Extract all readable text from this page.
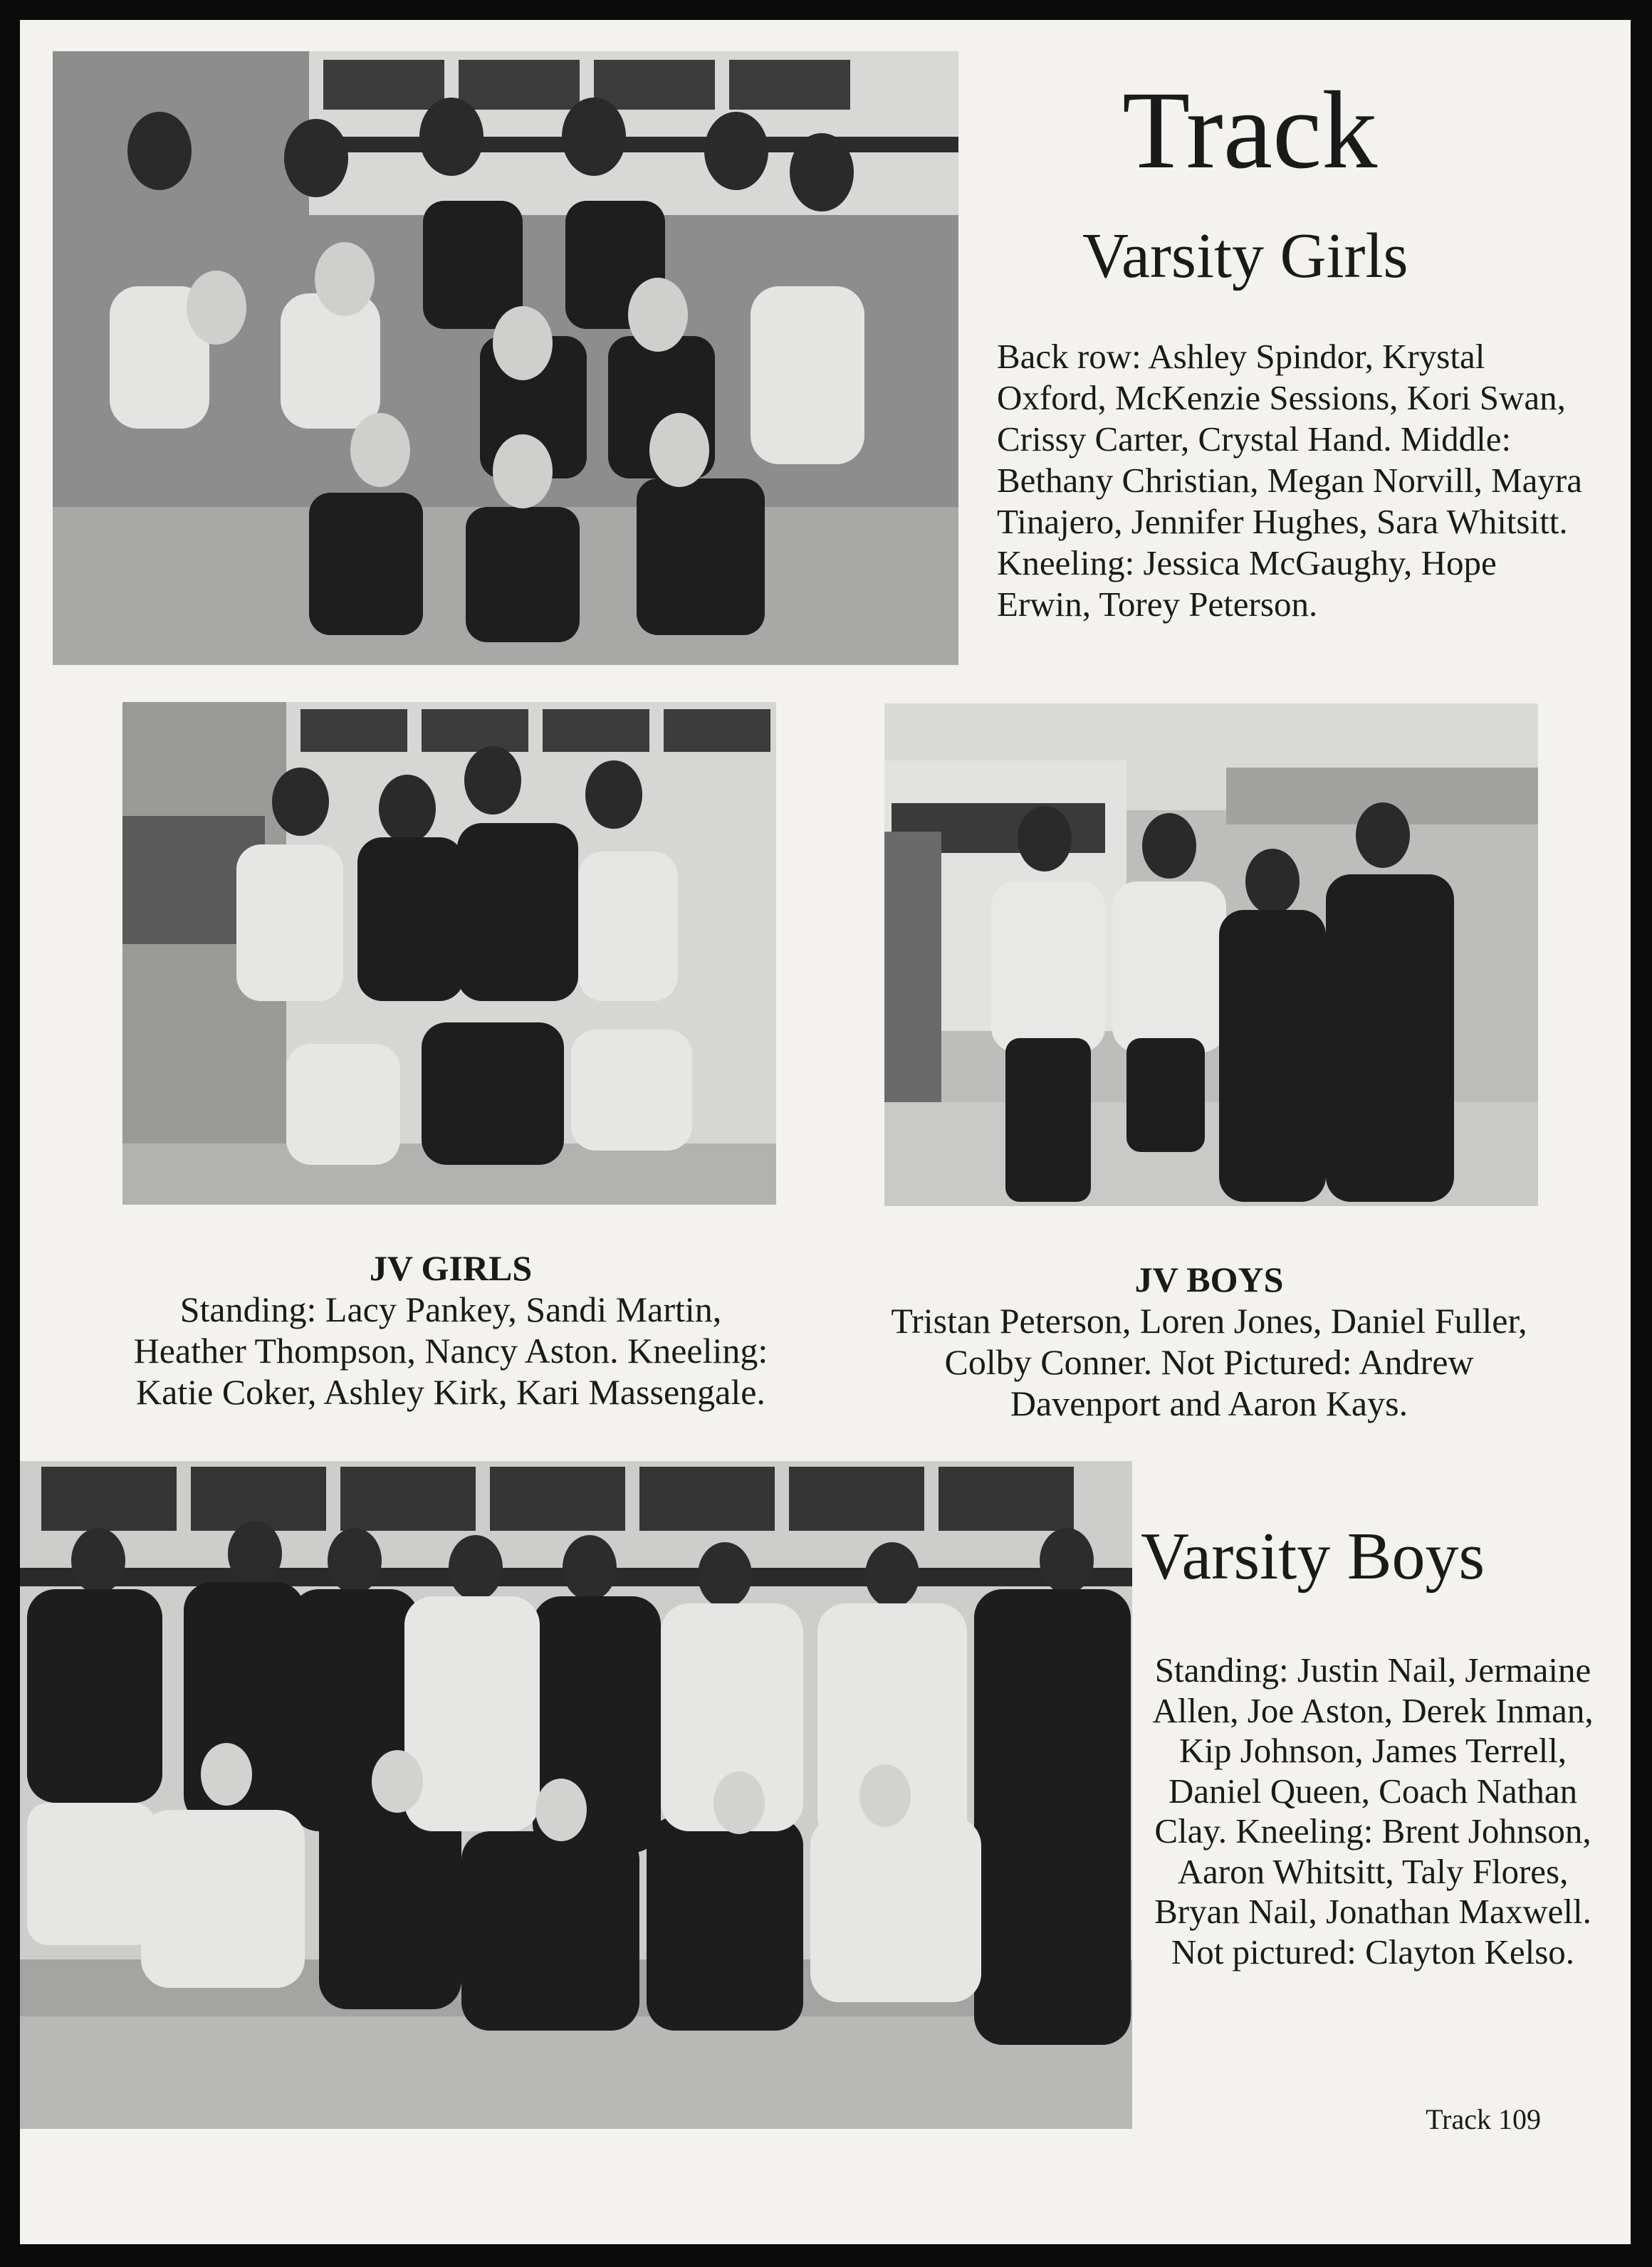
Track
Varsity Girls

Back row: Ashley Spindor, Krystal Oxford, McKenzie Sessions, Kori Swan, Crissy Carter, Crystal Hand. Middle: Bethany Christian, Megan Norvill, Mayra Tinajero, Jennifer Hughes, Sara Whitsitt. Kneeling: Jessica McGaughy, Hope Erwin, Torey Peterson.

JV GIRLS
Standing: Lacy Pankey, Sandi Martin, Heather Thompson, Nancy Aston. Kneeling: Katie Coker, Ashley Kirk, Kari Massengale.
JV BOYS
Tristan Peterson, Loren Jones, Daniel Fuller, Colby Conner. Not Pictured: Andrew Davenport and Aaron Kays.
Varsity Boys

Standing: Justin Nail, Jermaine Allen, Joe Aston, Derek Inman, Kip Johnson, James Terrell, Daniel Queen, Coach Nathan Clay. Kneeling: Brent Johnson, Aaron Whitsitt, Taly Flores, Bryan Nail, Jonathan Maxwell. Not pictured: Clayton Kelso.

Track 109
